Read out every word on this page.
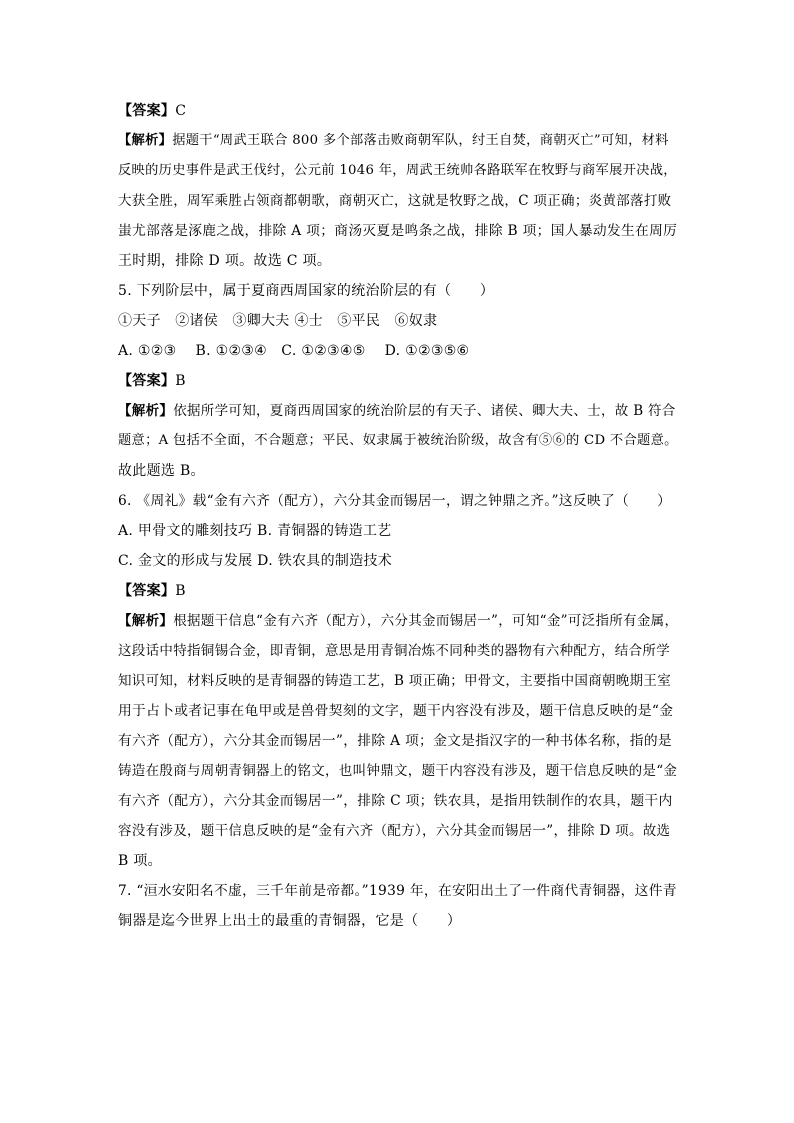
【答案】C
【解析】据题干“周武王联合 800 多个部落击败商朝军队，纣王自焚，商朝灭亡”可知，材料
反映的历史事件是武王伐纣，公元前 1046 年，周武王统帅各路联军在牧野与商军展开决战，
大获全胜，周军乘胜占领商都朝歌，商朝灭亡，这就是牧野之战，C 项正确；炎黄部落打败
蚩尤部落是涿鹿之战，排除 A 项；商汤灭夏是鸣条之战，排除 B 项；国人暴动发生在周厉
王时期，排除 D 项。故选 C 项。
5. 下列阶层中，属于夏商西周国家的统治阶层的有（　　）
①天子　②诸侯　③卿大夫 ④士　⑤平民　⑥奴隶
A. ①②③　 B. ①②③④　C. ①②③④⑤　 D. ①②③⑤⑥
【答案】B
【解析】依据所学可知，夏商西周国家的统治阶层的有天子、诸侯、卿大夫、士，故 B 符合
题意；A 包括不全面，不合题意；平民、奴隶属于被统治阶级，故含有⑤⑥的 CD 不合题意。
故此题选 B。
6. 《周礼》载“金有六齐（配方），六分其金而锡居一，谓之钟鼎之齐。”这反映了（　　）
A. 甲骨文的雕刻技巧 B. 青铜器的铸造工艺
C. 金文的形成与发展 D. 铁农具的制造技术
【答案】B
【解析】根据题干信息“金有六齐（配方），六分其金而锡居一”，可知“金”可泛指所有金属，
这段话中特指铜锡合金，即青铜，意思是用青铜冶炼不同种类的器物有六种配方，结合所学
知识可知，材料反映的是青铜器的铸造工艺，B 项正确；甲骨文，主要指中国商朝晚期王室
用于占卜或者记事在龟甲或是兽骨契刻的文字，题干内容没有涉及，题干信息反映的是“金
有六齐（配方），六分其金而锡居一”，排除 A 项；金文是指汉字的一种书体名称，指的是
铸造在殷商与周朝青铜器上的铭文，也叫钟鼎文，题干内容没有涉及，题干信息反映的是“金
有六齐（配方），六分其金而锡居一”，排除 C 项；铁农具，是指用铁制作的农具，题干内
容没有涉及，题干信息反映的是“金有六齐（配方），六分其金而锡居一”，排除 D 项。故选
B 项。
7. “洹水安阳名不虚，三千年前是帝都。”1939 年，在安阳出土了一件商代青铜器，这件青
铜器是迄今世界上出土的最重的青铜器，它是（　　）
